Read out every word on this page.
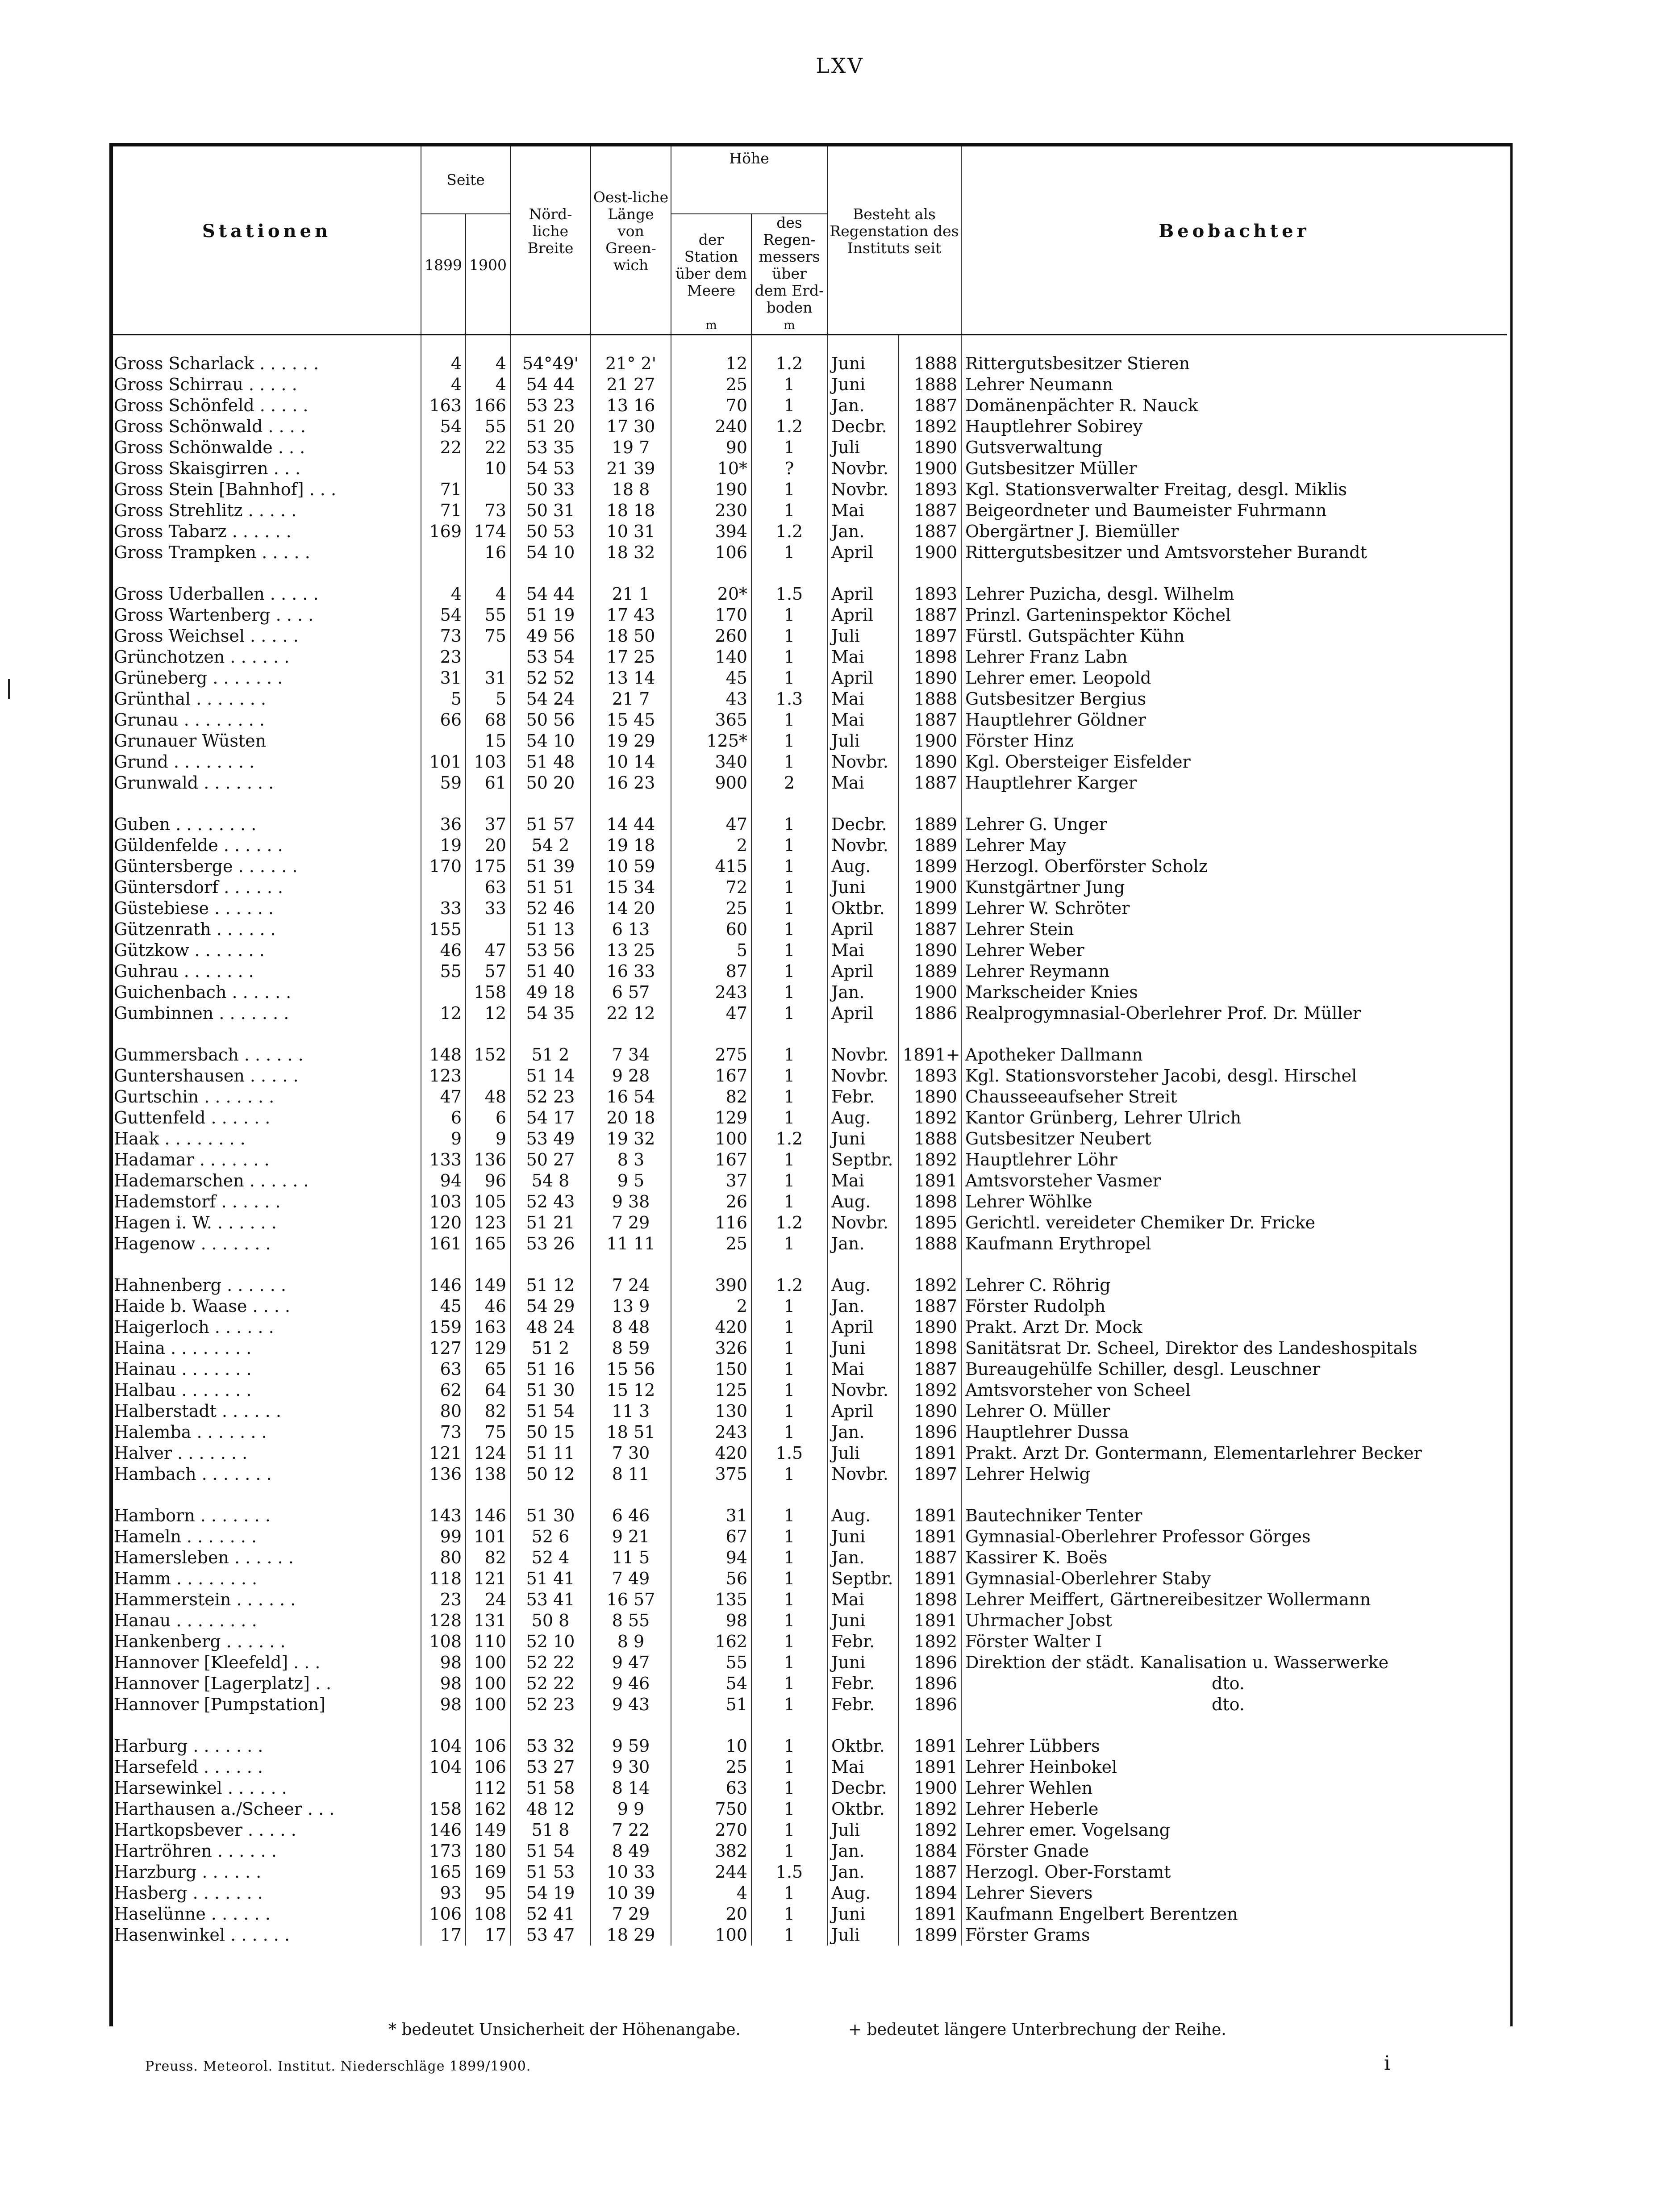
LXV
Stationen	Seite		Nörd-liche Breite	Oest-liche Länge von Green-wich	Höhe		Besteht als Regenstation des Instituts seit		Beobachter
	1899	1900			der Station über dem Meere	des Regen-messers über dem Erd-boden			
					m	m			

Gross Scharlack . . . . . .	4	4	54°49'	21° 2'	12	1.2	Juni	1888	Rittergutsbesitzer Stieren
Gross Schirrau . . . . .	4	4	54 44	21 27	25	1	Juni	1888	Lehrer Neumann
Gross Schönfeld . . . . .	163	166	53 23	13 16	70	1	Jan.	1887	Domänenpächter R. Nauck
Gross Schönwald . . . .	54	55	51 20	17 30	240	1.2	Decbr.	1892	Hauptlehrer Sobirey
Gross Schönwalde . . .	22	22	53 35	19 7	90	1	Juli	1890	Gutsverwaltung
Gross Skaisgirren . . .		10	54 53	21 39	10*	?	Novbr.	1900	Gutsbesitzer Müller
Gross Stein [Bahnhof] . . .	71		50 33	18 8	190	1	Novbr.	1893	Kgl. Stationsverwalter Freitag, desgl. Miklis
Gross Strehlitz . . . . .	71	73	50 31	18 18	230	1	Mai	1887	Beigeordneter und Baumeister Fuhrmann
Gross Tabarz . . . . . .	169	174	50 53	10 31	394	1.2	Jan.	1887	Obergärtner J. Biemüller
Gross Trampken . . . . .		16	54 10	18 32	106	1	April	1900	Rittergutsbesitzer und Amtsvorsteher Burandt

Gross Uderballen . . . . .	4	4	54 44	21 1	20*	1.5	April	1893	Lehrer Puzicha, desgl. Wilhelm
Gross Wartenberg . . . .	54	55	51 19	17 43	170	1	April	1887	Prinzl. Garteninspektor Köchel
Gross Weichsel . . . . .	73	75	49 56	18 50	260	1	Juli	1897	Fürstl. Gutspächter Kühn
Grünchotzen . . . . . .	23		53 54	17 25	140	1	Mai	1898	Lehrer Franz Labn
Grüneberg . . . . . . .	31	31	52 52	13 14	45	1	April	1890	Lehrer emer. Leopold
Grünthal . . . . . . .	5	5	54 24	21 7	43	1.3	Mai	1888	Gutsbesitzer Bergius
Grunau . . . . . . . .	66	68	50 56	15 45	365	1	Mai	1887	Hauptlehrer Göldner
Grunauer Wüsten		15	54 10	19 29	125*	1	Juli	1900	Förster Hinz
Grund . . . . . . . .	101	103	51 48	10 14	340	1	Novbr.	1890	Kgl. Obersteiger Eisfelder
Grunwald . . . . . . .	59	61	50 20	16 23	900	2	Mai	1887	Hauptlehrer Karger

Guben . . . . . . . .	36	37	51 57	14 44	47	1	Decbr.	1889	Lehrer G. Unger
Güldenfelde . . . . . .	19	20	54 2	19 18	2	1	Novbr.	1889	Lehrer May
Güntersberge . . . . . .	170	175	51 39	10 59	415	1	Aug.	1899	Herzogl. Oberförster Scholz
Güntersdorf . . . . . .		63	51 51	15 34	72	1	Juni	1900	Kunstgärtner Jung
Güstebiese . . . . . .	33	33	52 46	14 20	25	1	Oktbr.	1899	Lehrer W. Schröter
Gützenrath . . . . . .	155		51 13	6 13	60	1	April	1887	Lehrer Stein
Gützkow . . . . . . .	46	47	53 56	13 25	5	1	Mai	1890	Lehrer Weber
Guhrau . . . . . . .	55	57	51 40	16 33	87	1	April	1889	Lehrer Reymann
Guichenbach . . . . . .		158	49 18	6 57	243	1	Jan.	1900	Markscheider Knies
Gumbinnen . . . . . . .	12	12	54 35	22 12	47	1	April	1886	Realprogymnasial-Oberlehrer Prof. Dr. Müller

Gummersbach . . . . . .	148	152	51 2	7 34	275	1	Novbr.	1891+	Apotheker Dallmann
Guntershausen . . . . .	123		51 14	9 28	167	1	Novbr.	1893	Kgl. Stationsvorsteher Jacobi, desgl. Hirschel
Gurtschin . . . . . . .	47	48	52 23	16 54	82	1	Febr.	1890	Chausseeaufseher Streit
Guttenfeld . . . . . .	6	6	54 17	20 18	129	1	Aug.	1892	Kantor Grünberg, Lehrer Ulrich
Haak . . . . . . . .	9	9	53 49	19 32	100	1.2	Juni	1888	Gutsbesitzer Neubert
Hadamar . . . . . . .	133	136	50 27	8 3	167	1	Septbr.	1892	Hauptlehrer Löhr
Hademarschen . . . . . .	94	96	54 8	9 5	37	1	Mai	1891	Amtsvorsteher Vasmer
Hademstorf . . . . . .	103	105	52 43	9 38	26	1	Aug.	1898	Lehrer Wöhlke
Hagen i. W. . . . . . .	120	123	51 21	7 29	116	1.2	Novbr.	1895	Gerichtl. vereideter Chemiker Dr. Fricke
Hagenow . . . . . . .	161	165	53 26	11 11	25	1	Jan.	1888	Kaufmann Erythropel

Hahnenberg . . . . . .	146	149	51 12	7 24	390	1.2	Aug.	1892	Lehrer C. Röhrig
Haide b. Waase . . . .	45	46	54 29	13 9	2	1	Jan.	1887	Förster Rudolph
Haigerloch . . . . . .	159	163	48 24	8 48	420	1	April	1890	Prakt. Arzt Dr. Mock
Haina . . . . . . . .	127	129	51 2	8 59	326	1	Juni	1898	Sanitätsrat Dr. Scheel, Direktor des Landeshospitals
Hainau . . . . . . .	63	65	51 16	15 56	150	1	Mai	1887	Bureaugehülfe Schiller, desgl. Leuschner
Halbau . . . . . . .	62	64	51 30	15 12	125	1	Novbr.	1892	Amtsvorsteher von Scheel
Halberstadt . . . . . .	80	82	51 54	11 3	130	1	April	1890	Lehrer O. Müller
Halemba . . . . . . .	73	75	50 15	18 51	243	1	Jan.	1896	Hauptlehrer Dussa
Halver . . . . . . .	121	124	51 11	7 30	420	1.5	Juli	1891	Prakt. Arzt Dr. Gontermann, Elementarlehrer Becker
Hambach . . . . . . .	136	138	50 12	8 11	375	1	Novbr.	1897	Lehrer Helwig

Hamborn . . . . . . .	143	146	51 30	6 46	31	1	Aug.	1891	Bautechniker Tenter
Hameln . . . . . . .	99	101	52 6	9 21	67	1	Juni	1891	Gymnasial-Oberlehrer Professor Görges
Hamersleben . . . . . .	80	82	52 4	11 5	94	1	Jan.	1887	Kassirer K. Boës
Hamm . . . . . . . .	118	121	51 41	7 49	56	1	Septbr.	1891	Gymnasial-Oberlehrer Staby
Hammerstein . . . . . .	23	24	53 41	16 57	135	1	Mai	1898	Lehrer Meiffert, Gärtnereibesitzer Wollermann
Hanau . . . . . . . .	128	131	50 8	8 55	98	1	Juni	1891	Uhrmacher Jobst
Hankenberg . . . . . .	108	110	52 10	8 9	162	1	Febr.	1892	Förster Walter I
Hannover [Kleefeld] . . .	98	100	52 22	9 47	55	1	Juni	1896	Direktion der städt. Kanalisation u. Wasserwerke
Hannover [Lagerplatz] . .	98	100	52 22	9 46	54	1	Febr.	1896	dto.
Hannover [Pumpstation]	98	100	52 23	9 43	51	1	Febr.	1896	dto.

Harburg . . . . . . .	104	106	53 32	9 59	10	1	Oktbr.	1891	Lehrer Lübbers
Harsefeld . . . . . .	104	106	53 27	9 30	25	1	Mai	1891	Lehrer Heinbokel
Harsewinkel . . . . . .		112	51 58	8 14	63	1	Decbr.	1900	Lehrer Wehlen
Harthausen a./Scheer . . .	158	162	48 12	9 9	750	1	Oktbr.	1892	Lehrer Heberle
Hartkopsbever . . . . .	146	149	51 8	7 22	270	1	Juli	1892	Lehrer emer. Vogelsang
Hartröhren . . . . . .	173	180	51 54	8 49	382	1	Jan.	1884	Förster Gnade
Harzburg . . . . . .	165	169	51 53	10 33	244	1.5	Jan.	1887	Herzogl. Ober-Forstamt
Hasberg . . . . . . .	93	95	54 19	10 39	4	1	Aug.	1894	Lehrer Sievers
Haselünne . . . . . .	106	108	52 41	7 29	20	1	Juni	1891	Kaufmann Engelbert Berentzen
Hasenwinkel . . . . . .	17	17	53 47	18 29	100	1	Juli	1899	Förster Grams
* bedeutet Unsicherheit der Höhenangabe.	+ bedeutet längere Unterbrechung der Reihe.
Preuss. Meteorol. Institut. Niederschläge 1899/1900.	i
